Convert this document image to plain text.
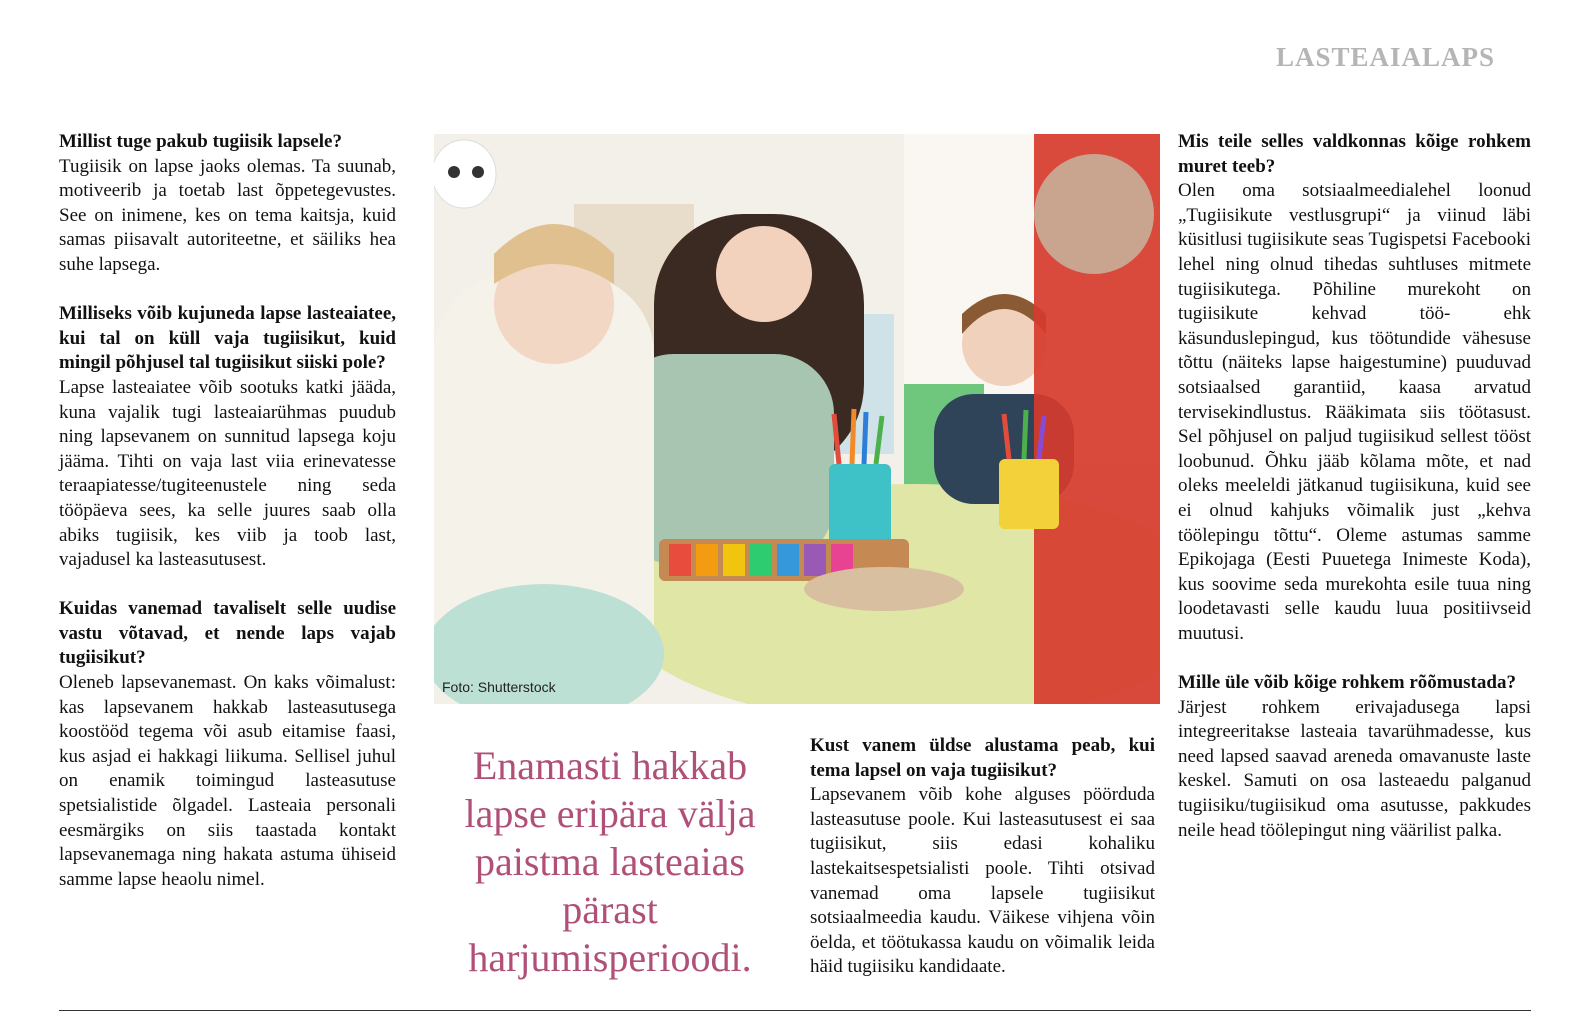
LASTEAIALAPS

Millist tuge pakub tugiisik lapsele?

Tugiisik on lapse jaoks olemas. Ta suunab, motiveerib ja toetab last õppetegevustes. See on inimene, kes on tema kaitsja, kuid samas piisavalt autoriteetne, et säiliks hea suhe lapsega.

Milliseks võib kujuneda lapse lasteaiatee, kui tal on küll vaja tugiisikut, kuid mingil põhjusel tal tugiisikut siiski pole?

Lapse lasteaiatee võib sootuks katki jääda, kuna vajalik tugi lasteaiarühmas puudub ning lapsevanem on sunnitud lapsega koju jääma. Tihti on vaja last viia erinevatesse teraapiatesse/tugiteenustele ning seda tööpäeva sees, ka selle juures saab olla abiks tugiisik, kes viib ja toob last, vajadusel ka lasteasutusest.

Kuidas vanemad tavaliselt selle uudise vastu võtavad, et nende laps vajab tugiisikut?

Oleneb lapsevanemast. On kaks võimalust: kas lapsevanem hakkab lasteasutusega koostööd tegema või asub eitamise faasi, kus asjad ei hakkagi liikuma. Sellisel juhul on enamik toimingud lasteasutuse spetsialistide õlgadel. Lasteaia personali eesmärgiks on siis taastada kontakt lapsevanemaga ning hakata astuma ühiseid samme lapse heaolu nimel.

Foto: Shutterstock
Enamasti hakkab lapse eripära välja paistma lasteaias pärast harjumisperioodi.

Kust vanem üldse alustama peab, kui tema lapsel on vaja tugiisikut?

Lapsevanem võib kohe alguses pöörduda lasteasutuse poole. Kui lasteasutusest ei saa tugiisikut, siis edasi kohaliku lastekaitsespetsialisti poole. Tihti otsivad vanemad oma lapsele tugiisikut sotsiaalmeedia kaudu. Väikese vihjena võin öelda, et töötukassa kaudu on võimalik leida häid tugiisiku kandidaate.

Mis teile selles valdkonnas kõige rohkem muret teeb?

Olen oma sotsiaalmeedialehel loonud „Tugiisikute vestlusgrupi“ ja viinud läbi küsitlusi tugiisikute seas Tugispetsi Facebooki lehel ning olnud tihedas suhtluses mitmete tugiisikutega. Põhiline murekoht on tugiisikute kehvad töö- ehk käsunduslepingud, kus töötundide vähesuse tõttu (näiteks lapse haigestumine) puuduvad sotsiaalsed garantiid, kaasa arvatud tervisekindlustus. Rääkimata siis töötasust. Sel põhjusel on paljud tugiisikud sellest tööst loobunud. Õhku jääb kõlama mõte, et nad oleks meeleldi jätkanud tugiisikuna, kuid see ei olnud kahjuks võimalik just „kehva töölepingu tõttu“. Oleme astumas samme Epikojaga (Eesti Puuetega Inimeste Koda), kus soovime seda murekohta esile tuua ning loodetavasti selle kaudu luua positiivseid muutusi.

Mille üle võib kõige rohkem rõõmustada?

Järjest rohkem erivajadusega lapsi integreeritakse lasteaia tavarühmadesse, kus need lapsed saavad areneda omavanuste laste keskel. Samuti on osa lasteaedu palganud tugiisiku/tugiisikud oma asutusse, pakkudes neile head töölepingut ning väärilist palka.
